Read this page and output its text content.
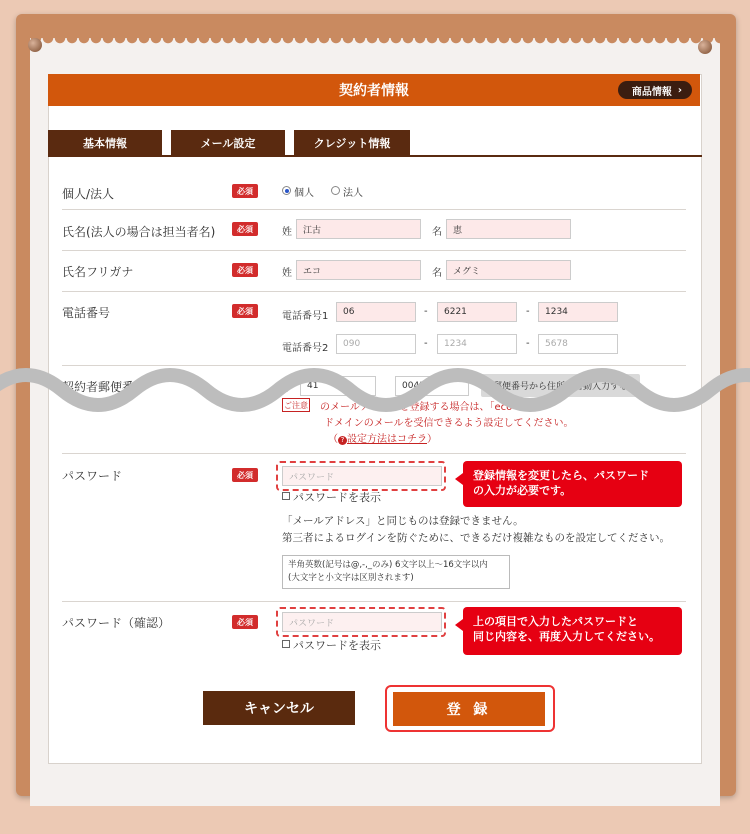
契約者情報	商品情報 ›
基本情報	メール設定	クレジット情報
個人/法人	必須	個人	法人
氏名(法人の場合は担当者名)	必須	姓	江古	名	恵
氏名フリガナ	必須	姓	エコ	名	メグミ
電話番号	必須	電話番号1	06	-	6221	-	1234
電話番号2	090	-	1234	-	5678
契約者郵便番号	〒	41	0041	郵便番号から住所を自動入力する
ご注意 のメールアドレスを登録する場合は、「eco-m」の
ドメインのメールを受信できるよう設定してください。
（ ? 設定方法はコチラ）
パスワード	必須	パスワード
パスワードを表示
「メールアドレス」と同じものは登録できません。
第三者によるログインを防ぐために、できるだけ複雑なものを設定してください。
半角英数(記号は@,-,_のみ) 6文字以上～16文字以内
(大文字と小文字は区別されます)
登録情報を変更したら、パスワード
の入力が必要です。
パスワード（確認）	必須	パスワード
パスワードを表示
上の項目で入力したパスワードと
同じ内容を、再度入力してください。
キャンセル	登 録
